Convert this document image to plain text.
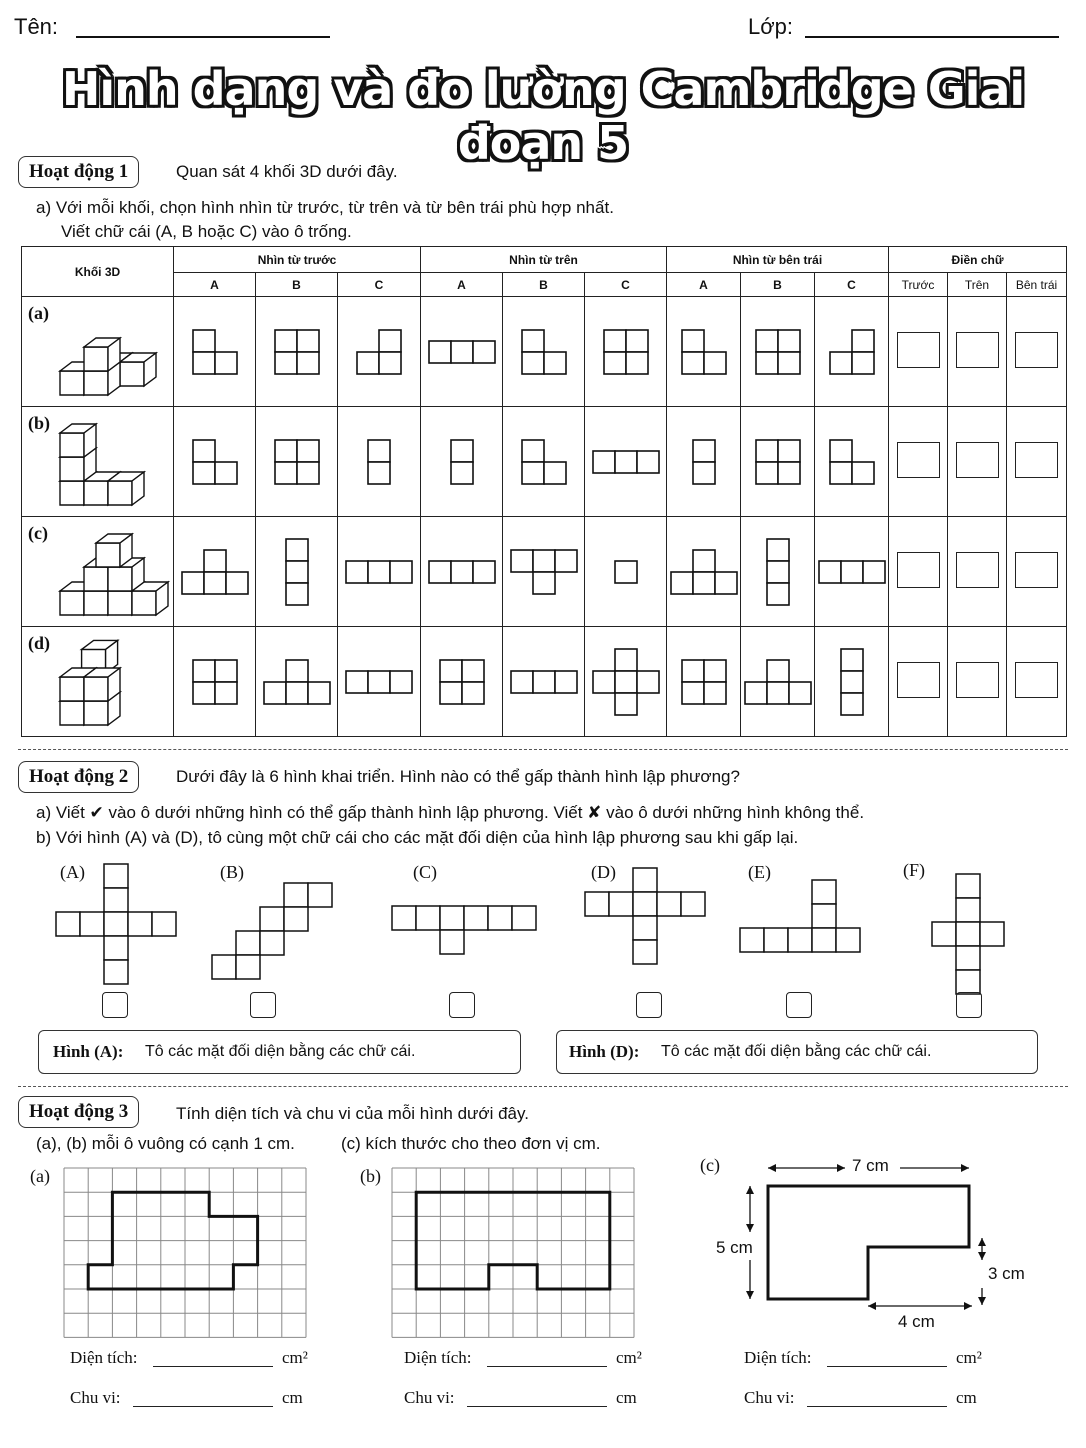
Tên:	Lớp:
Hình dạng và đo lường Cambridge Giai đoạn 5
Hoạt động 1	Quan sát 4 khối 3D dưới đây.
a) Với mỗi khối, chọn hình nhìn từ trước, từ trên và từ bên trái phù hợp nhất.
Viết chữ cái (A, B hoặc C) vào ô trống.
Khối 3D	Nhìn từ trước			Nhìn từ trên			Nhìn từ bên trái			Điền chữ		
	A	B	C	A	B	C	A	B	C	Trước	Trên	Bên trái
(a)

(b)

(c)

(d)

Hoạt động 2	Dưới đây là 6 hình khai triển. Hình nào có thể gấp thành hình lập phương?
a) Viết ✔ vào ô dưới những hình có thể gấp thành hình lập phương. Viết ✘ vào ô dưới những hình không thể.
b) Với hình (A) và (D), tô cùng một chữ cái cho các mặt đối diện của hình lập phương sau khi gấp lại.
(A)	(B)	(C)	(D)	(E)	(F)
Hình (A): Tô các mặt đối diện bằng các chữ cái.	Hình (D): Tô các mặt đối diện bằng các chữ cái.
Hoạt động 3	Tính diện tích và chu vi của mỗi hình dưới đây.
(a), (b) mỗi ô vuông có cạnh 1 cm.	(c) kích thước cho theo đơn vị cm.
(a)	(b)
(c)	7 cm
5 cm
3 cm
4 cm
Diện tích:	cm²
Chu vi:	cm
Diện tích:	cm²
Chu vi:	cm
Diện tích:	cm²
Chu vi:	cm
